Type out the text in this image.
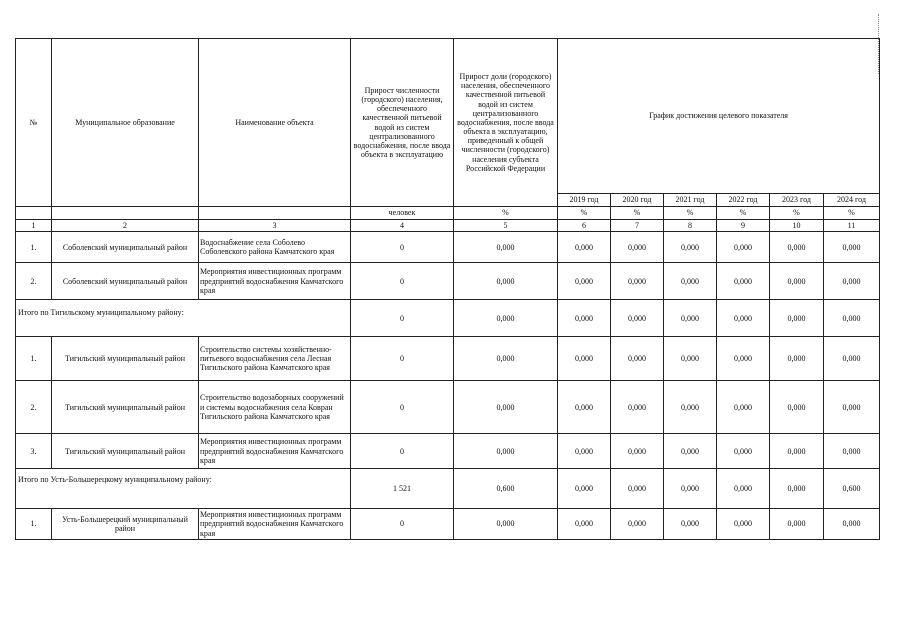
№	Муниципальное образование	Наименование объекта	Прирост численности (городского) населения, обеспеченного качественной питьевой водой из систем централизованного водоснабжения, после ввода объекта в эксплуатацию	Прирост доли (городского) населения, обеспеченного качественной питьевой водой из систем централизованного водоснабжения, после ввода объекта в эксплуатацию, приведенный к общей численности (городского) населения субъекта Российской Федерации	График достижения целевого показателя					
					2019 год	2020 год	2021 год	2022 год	2023 год	2024 год
			человек	%	%	%	%	%	%	%
1	2	3	4	5	6	7	8	9	10	11
1.	Соболевский муниципальный район	Водоснабжение села Соболево Соболевского района Камчатского края	0	0,000	0,000	0,000	0,000	0,000	0,000	0,000
2.	Соболевский муниципальный район	Мероприятия инвестиционных программ предприятий водоснабжения Камчатского края	0	0,000	0,000	0,000	0,000	0,000	0,000	0,000
Итого по Тигильскому муниципальному району:			0	0,000	0,000	0,000	0,000	0,000	0,000	0,000
1.	Тигильский муниципальный район	Строительство системы хозяйственно-питьевого водоснабжения села Лесная Тигильского района Камчатского края	0	0,000	0,000	0,000	0,000	0,000	0,000	0,000
2.	Тигильский муниципальный район	Строительство водозаборных сооружений и системы водоснабжения села Ковран Тигильского района Камчатского края	0	0,000	0,000	0,000	0,000	0,000	0,000	0,000
3.	Тигильский муниципальный район	Мероприятия инвестиционных программ предприятий водоснабжения Камчатского края	0	0,000	0,000	0,000	0,000	0,000	0,000	0,000
Итого по Усть-Большерецкому муниципальному району:			1 521	0,600	0,000	0,000	0,000	0,000	0,000	0,600
1.	Усть-Большерецкий муниципальный район	Мероприятия инвестиционных программ предприятий водоснабжения Камчатского края	0	0,000	0,000	0,000	0,000	0,000	0,000	0,000
